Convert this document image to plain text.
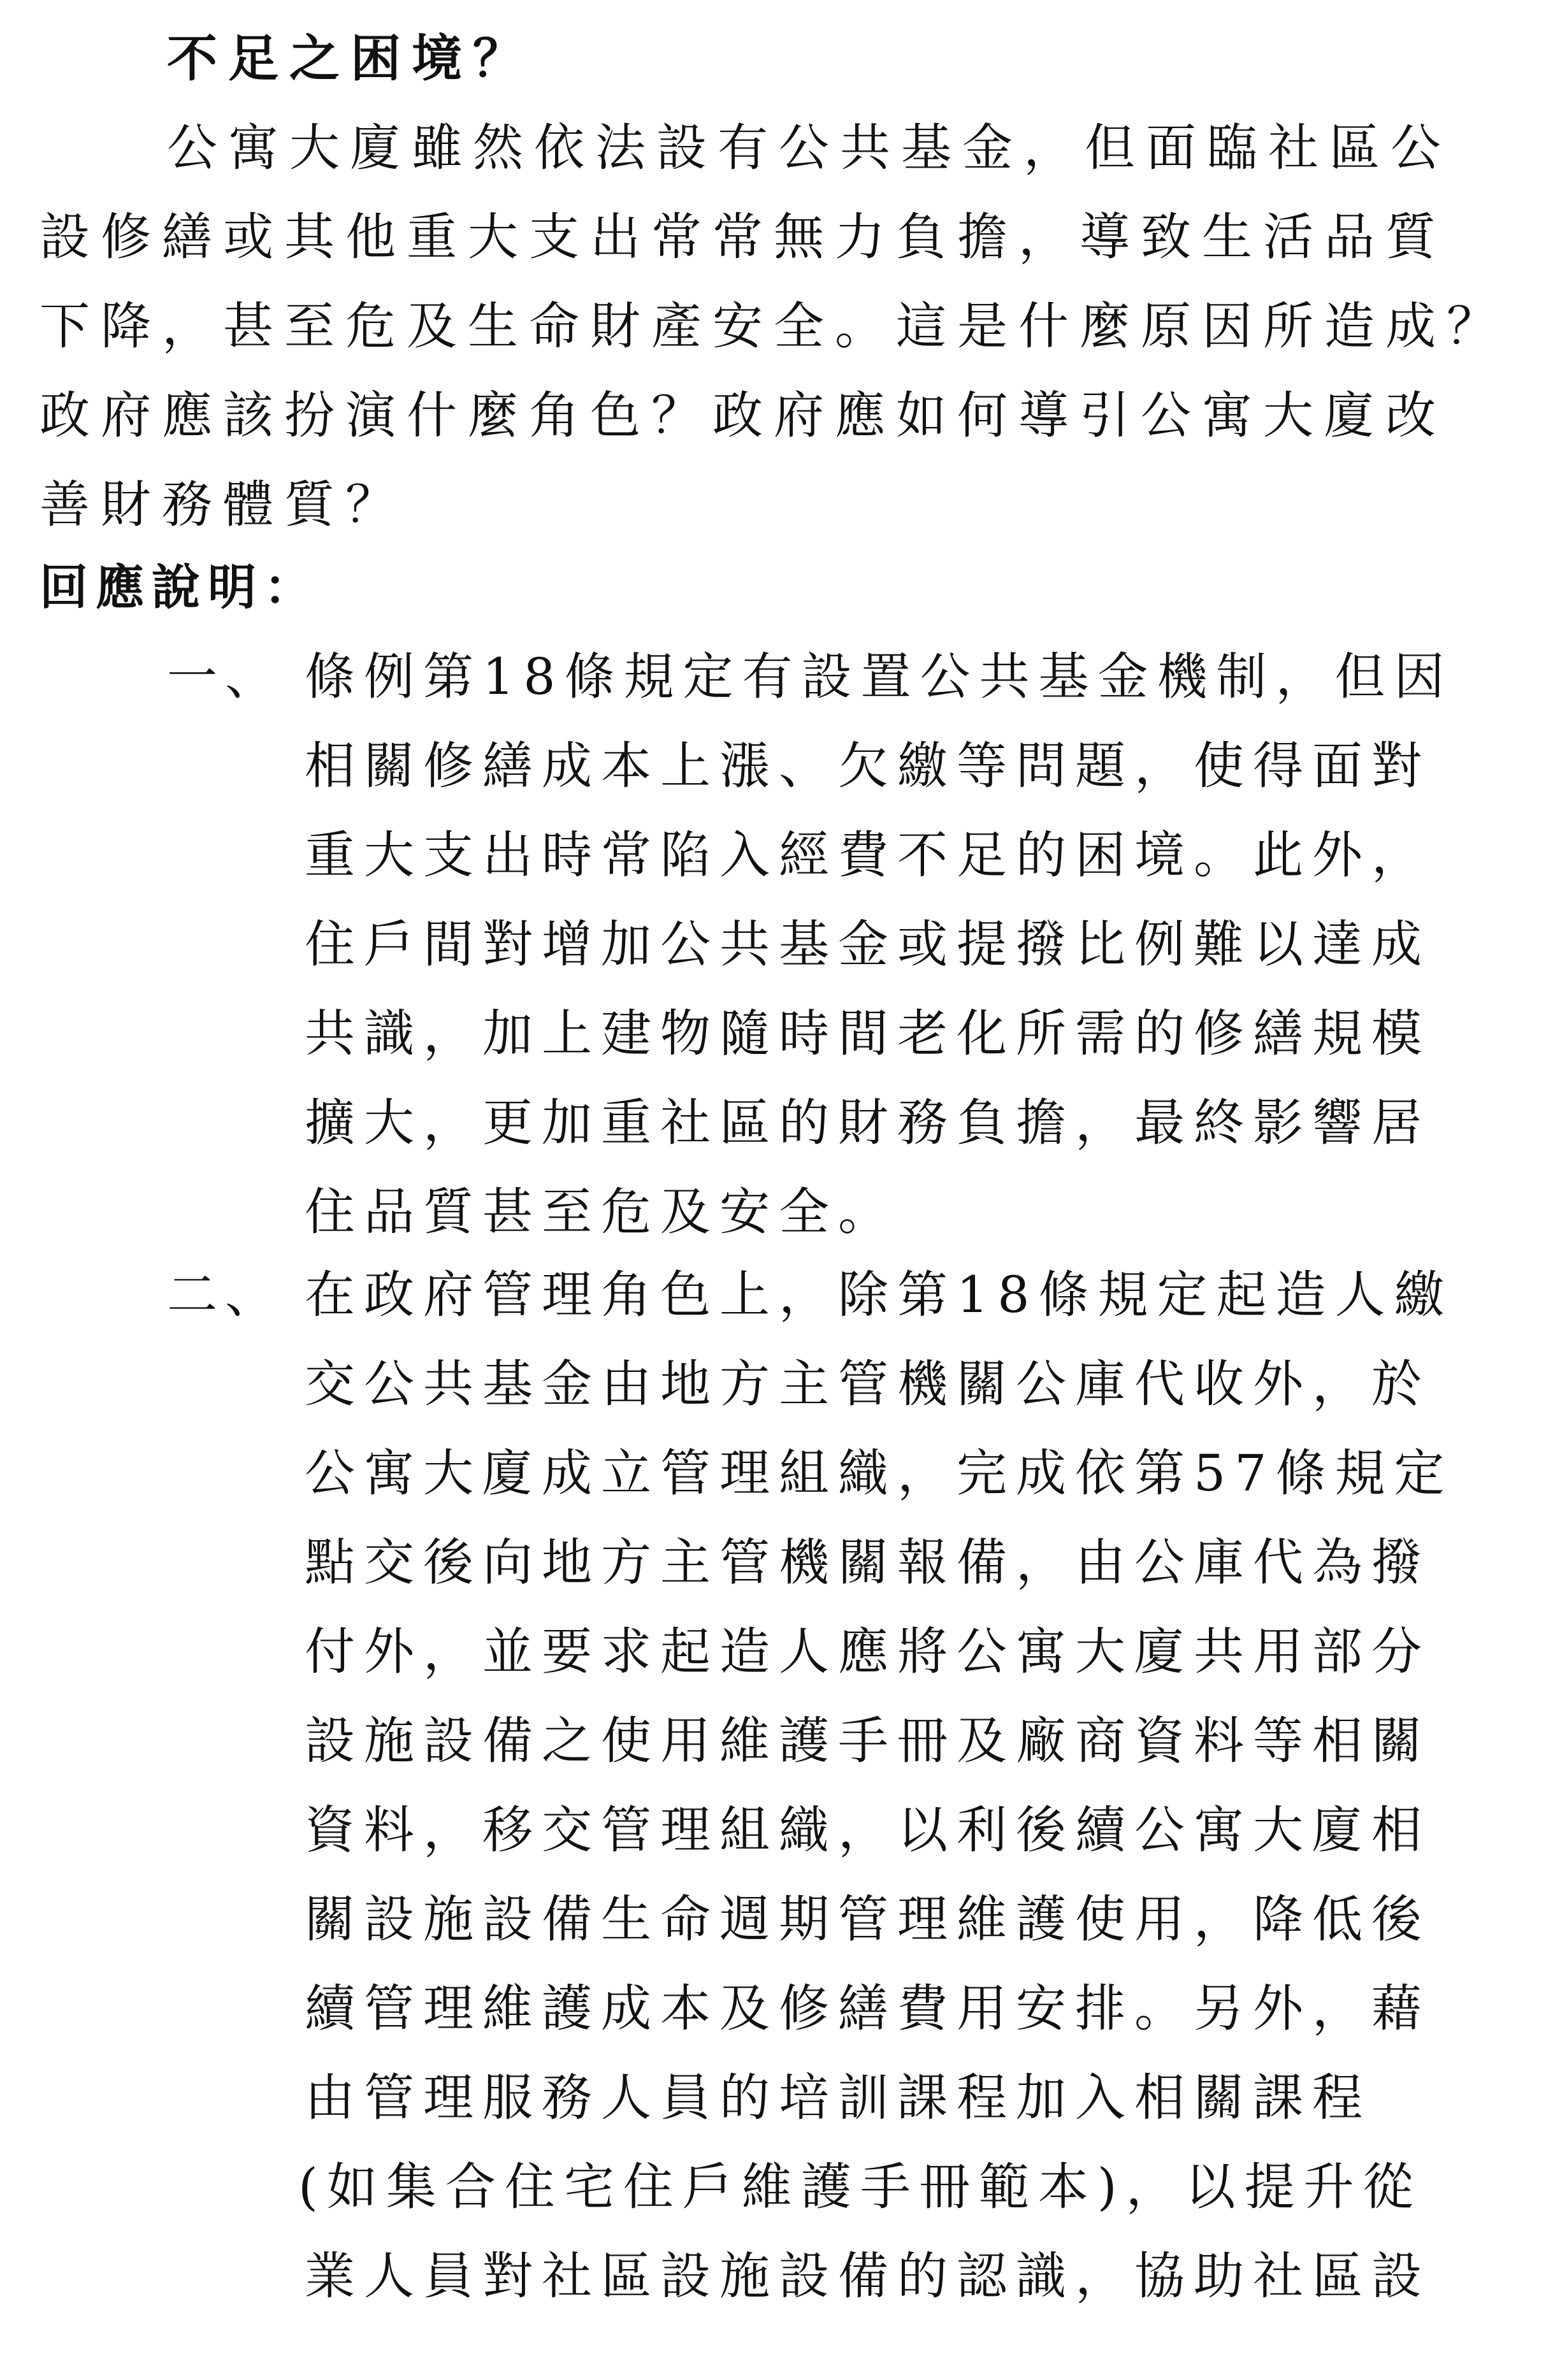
不足之困境？
公寓大廈雖然依法設有公共基金，但面臨社區公
設修繕或其他重大支出常常無力負擔，導致生活品質
下降，甚至危及生命財產安全。這是什麼原因所造成？
政府應該扮演什麼角色？政府應如何導引公寓大廈改
善財務體質？
回應說明：
一、 條例第18條規定有設置公共基金機制，但因
相關修繕成本上漲、欠繳等問題，使得面對
重大支出時常陷入經費不足的困境。此外，
住戶間對增加公共基金或提撥比例難以達成
共識，加上建物隨時間老化所需的修繕規模
擴大，更加重社區的財務負擔，最終影響居
住品質甚至危及安全。
二、 在政府管理角色上，除第18條規定起造人繳
交公共基金由地方主管機關公庫代收外，於
公寓大廈成立管理組織，完成依第57條規定
點交後向地方主管機關報備，由公庫代為撥
付外，並要求起造人應將公寓大廈共用部分
設施設備之使用維護手冊及廠商資料等相關
資料，移交管理組織，以利後續公寓大廈相
關設施設備生命週期管理維護使用，降低後
續管理維護成本及修繕費用安排。另外，藉
由管理服務人員的培訓課程加入相關課程
(如集合住宅住戶維護手冊範本)，以提升從
業人員對社區設施設備的認識，協助社區設
